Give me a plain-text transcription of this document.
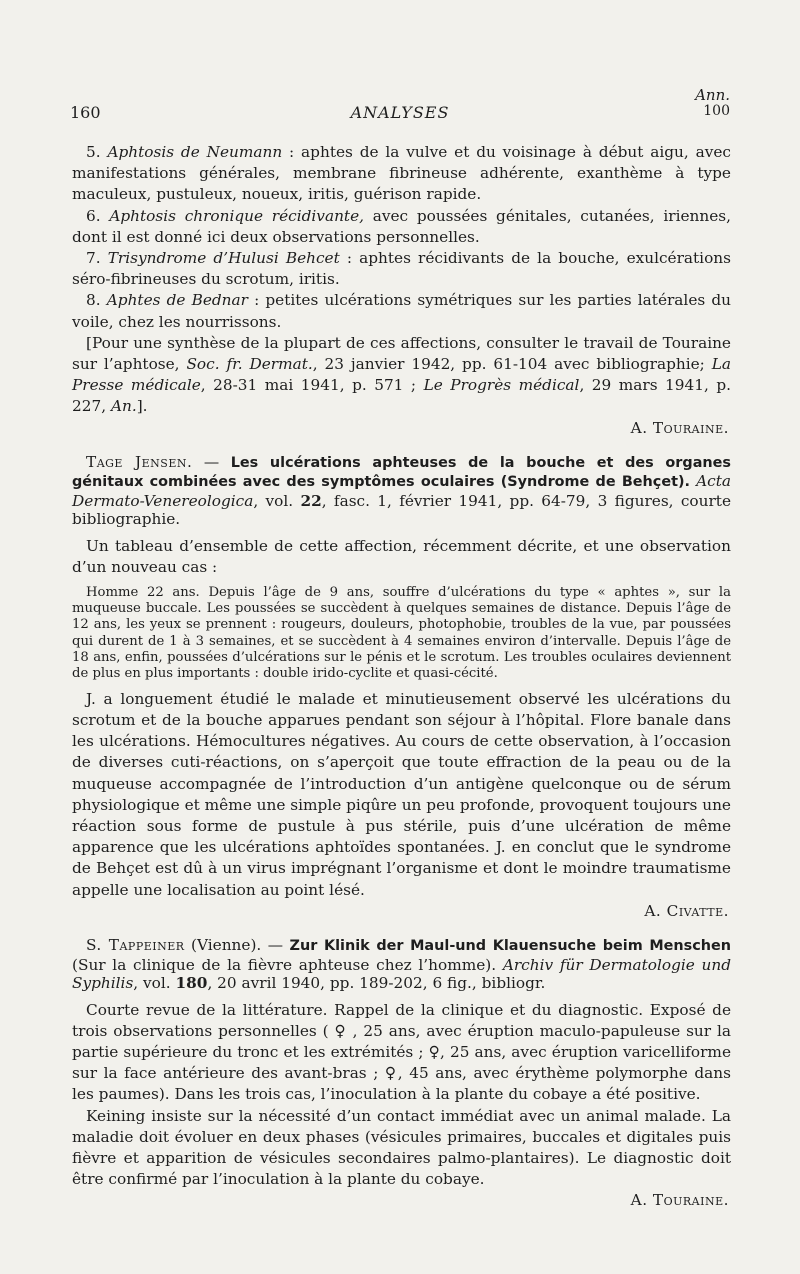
Ann.
160	ANALYSES	100

5. Aphtosis de Neumann : aphtes de la vulve et du voisinage à début aigu, avec manifestations générales, membrane fibrineuse adhérente, exanthème à type maculeux, pustuleux, noueux, iritis, guérison rapide.

6. Aphtosis chronique récidivante, avec poussées génitales, cutanées, iriennes, dont il est donné ici deux observations personnelles.

7. Trisyndrome d’Hulusi Behcet : aphtes récidivants de la bouche, exulcérations séro-fibrineuses du scrotum, iritis.

8. Aphtes de Bednar : petites ulcérations symétriques sur les parties latérales du voile, chez les nourrissons.

[Pour une synthèse de la plupart de ces affections, consulter le travail de Touraine sur l’aphtose, Soc. fr. Dermat., 23 janvier 1942, pp. 61-104 avec bibliographie; La Presse médicale, 28-31 mai 1941, p. 571 ; Le Progrès médical, 29 mars 1941, p. 227, An.].

A. Touraine.

Tage Jensen. — Les ulcérations aphteuses de la bouche et des organes génitaux combinées avec des symptômes oculaires (Syndrome de Behçet). Acta Dermato-Venereologica, vol. 22, fasc. 1, février 1941, pp. 64-79, 3 figures, courte bibliographie.

Un tableau d’ensemble de cette affection, récemment décrite, et une observation d’un nouveau cas :

Homme 22 ans. Depuis l’âge de 9 ans, souffre d’ulcérations du type « aphtes », sur la muqueuse buccale. Les poussées se succèdent à quelques semaines de distance. Depuis l’âge de 12 ans, les yeux se prennent : rougeurs, douleurs, photophobie, troubles de la vue, par poussées qui durent de 1 à 3 semaines, et se succèdent à 4 semaines environ d’intervalle. Depuis l’âge de 18 ans, enfin, poussées d’ulcérations sur le pénis et le scrotum. Les troubles oculaires deviennent de plus en plus importants : double irido-cyclite et quasi-cécité.

J. a longuement étudié le malade et minutieusement observé les ulcérations du scrotum et de la bouche apparues pendant son séjour à l’hôpital. Flore banale dans les ulcérations. Hémocultures négatives. Au cours de cette observation, à l’occasion de diverses cuti-réactions, on s’aperçoit que toute effraction de la peau ou de la muqueuse accompagnée de l’introduction d’un antigène quelconque ou de sérum physiologique et même une simple piqûre un peu profonde, provoquent toujours une réaction sous forme de pustule à pus stérile, puis d’une ulcération de même apparence que les ulcérations aphtoïdes spontanées. J. en conclut que le syndrome de Behçet est dû à un virus imprégnant l’organisme et dont le moindre traumatisme appelle une localisation au point lésé.

A. Civatte.

S. Tappeiner (Vienne). — Zur Klinik der Maul-und Klauensuche beim Menschen (Sur la clinique de la fièvre aphteuse chez l’homme). Archiv für Dermatologie und Syphilis, vol. 180, 20 avril 1940, pp. 189-202, 6 fig., bibliogr.

Courte revue de la littérature. Rappel de la clinique et du diagnostic. Exposé de trois observations personnelles ( ♀ , 25 ans, avec éruption maculo-papuleuse sur la partie supérieure du tronc et les extrémités ; ♀, 25 ans, avec éruption varicelliforme sur la face antérieure des avant-bras ; ♀, 45 ans, avec érythème polymorphe dans les paumes). Dans les trois cas, l’inoculation à la plante du cobaye a été positive.

Keining insiste sur la nécessité d’un contact immédiat avec un animal malade. La maladie doit évoluer en deux phases (vésicules primaires, buccales et digitales puis fièvre et apparition de vésicules secondaires palmo-plantaires). Le diagnostic doit être confirmé par l’inoculation à la plante du cobaye.

A. Touraine.
